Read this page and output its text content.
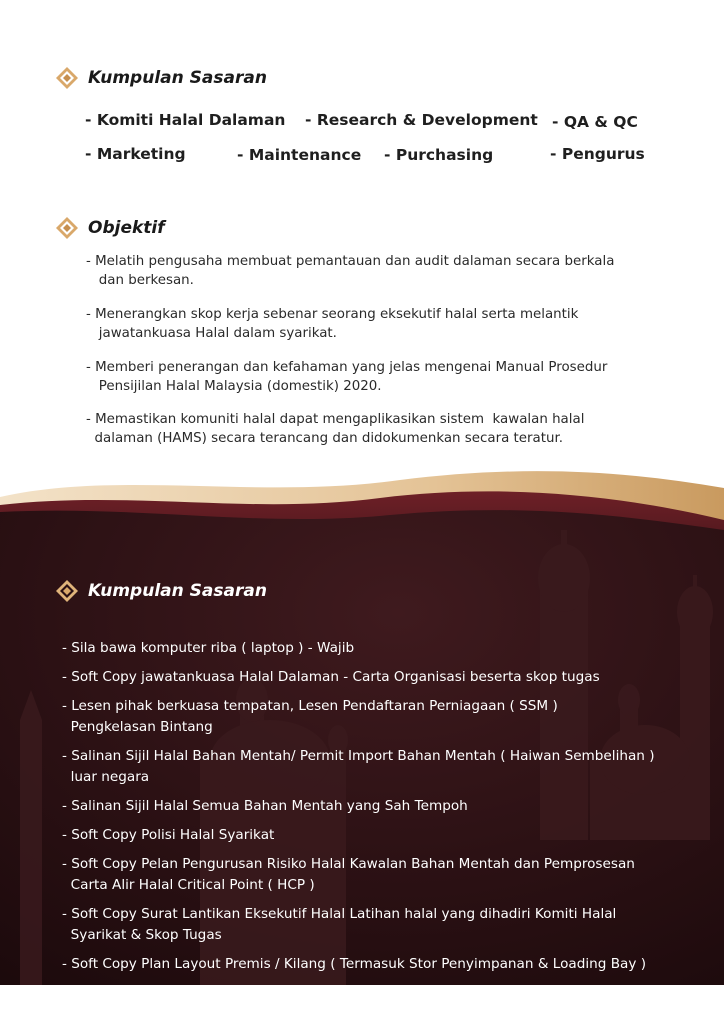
Kumpulan Sasaran
- Komiti Halal Dalaman - Research & Development - QA & QC
- Marketing	- Maintenance - Purchasing	- Pengurus
Objektif
- Melatih pengusaha membuat pemantauan dan audit dalaman secara berkala
dan berkesan.
- Menerangkan skop kerja sebenar seorang eksekutif halal serta melantik
jawatankuasa Halal dalam syarikat.
- Memberi penerangan dan kefahaman yang jelas mengenai Manual Prosedur
Pensijilan Halal Malaysia (domestik) 2020.
- Memastikan komuniti halal dapat mengaplikasikan sistem  kawalan halal
dalaman (HAMS) secara terancang dan didokumenkan secara teratur.
Kumpulan Sasaran
- Sila bawa komputer riba ( laptop ) - Wajib
- Soft Copy jawatankuasa Halal Dalaman - Carta Organisasi beserta skop tugas
- Lesen pihak berkuasa tempatan, Lesen Pendaftaran Perniagaan ( SSM )
Pengkelasan Bintang
- Salinan Sijil Halal Bahan Mentah/ Permit Import Bahan Mentah ( Haiwan Sembelihan )
luar negara
- Salinan Sijil Halal Semua Bahan Mentah yang Sah Tempoh
- Soft Copy Polisi Halal Syarikat
- Soft Copy Pelan Pengurusan Risiko Halal Kawalan Bahan Mentah dan Pemprosesan
Carta Alir Halal Critical Point ( HCP )
- Soft Copy Surat Lantikan Eksekutif Halal Latihan halal yang dihadiri Komiti Halal
Syarikat & Skop Tugas
- Soft Copy Plan Layout Premis / Kilang ( Termasuk Stor Penyimpanan & Loading Bay )
